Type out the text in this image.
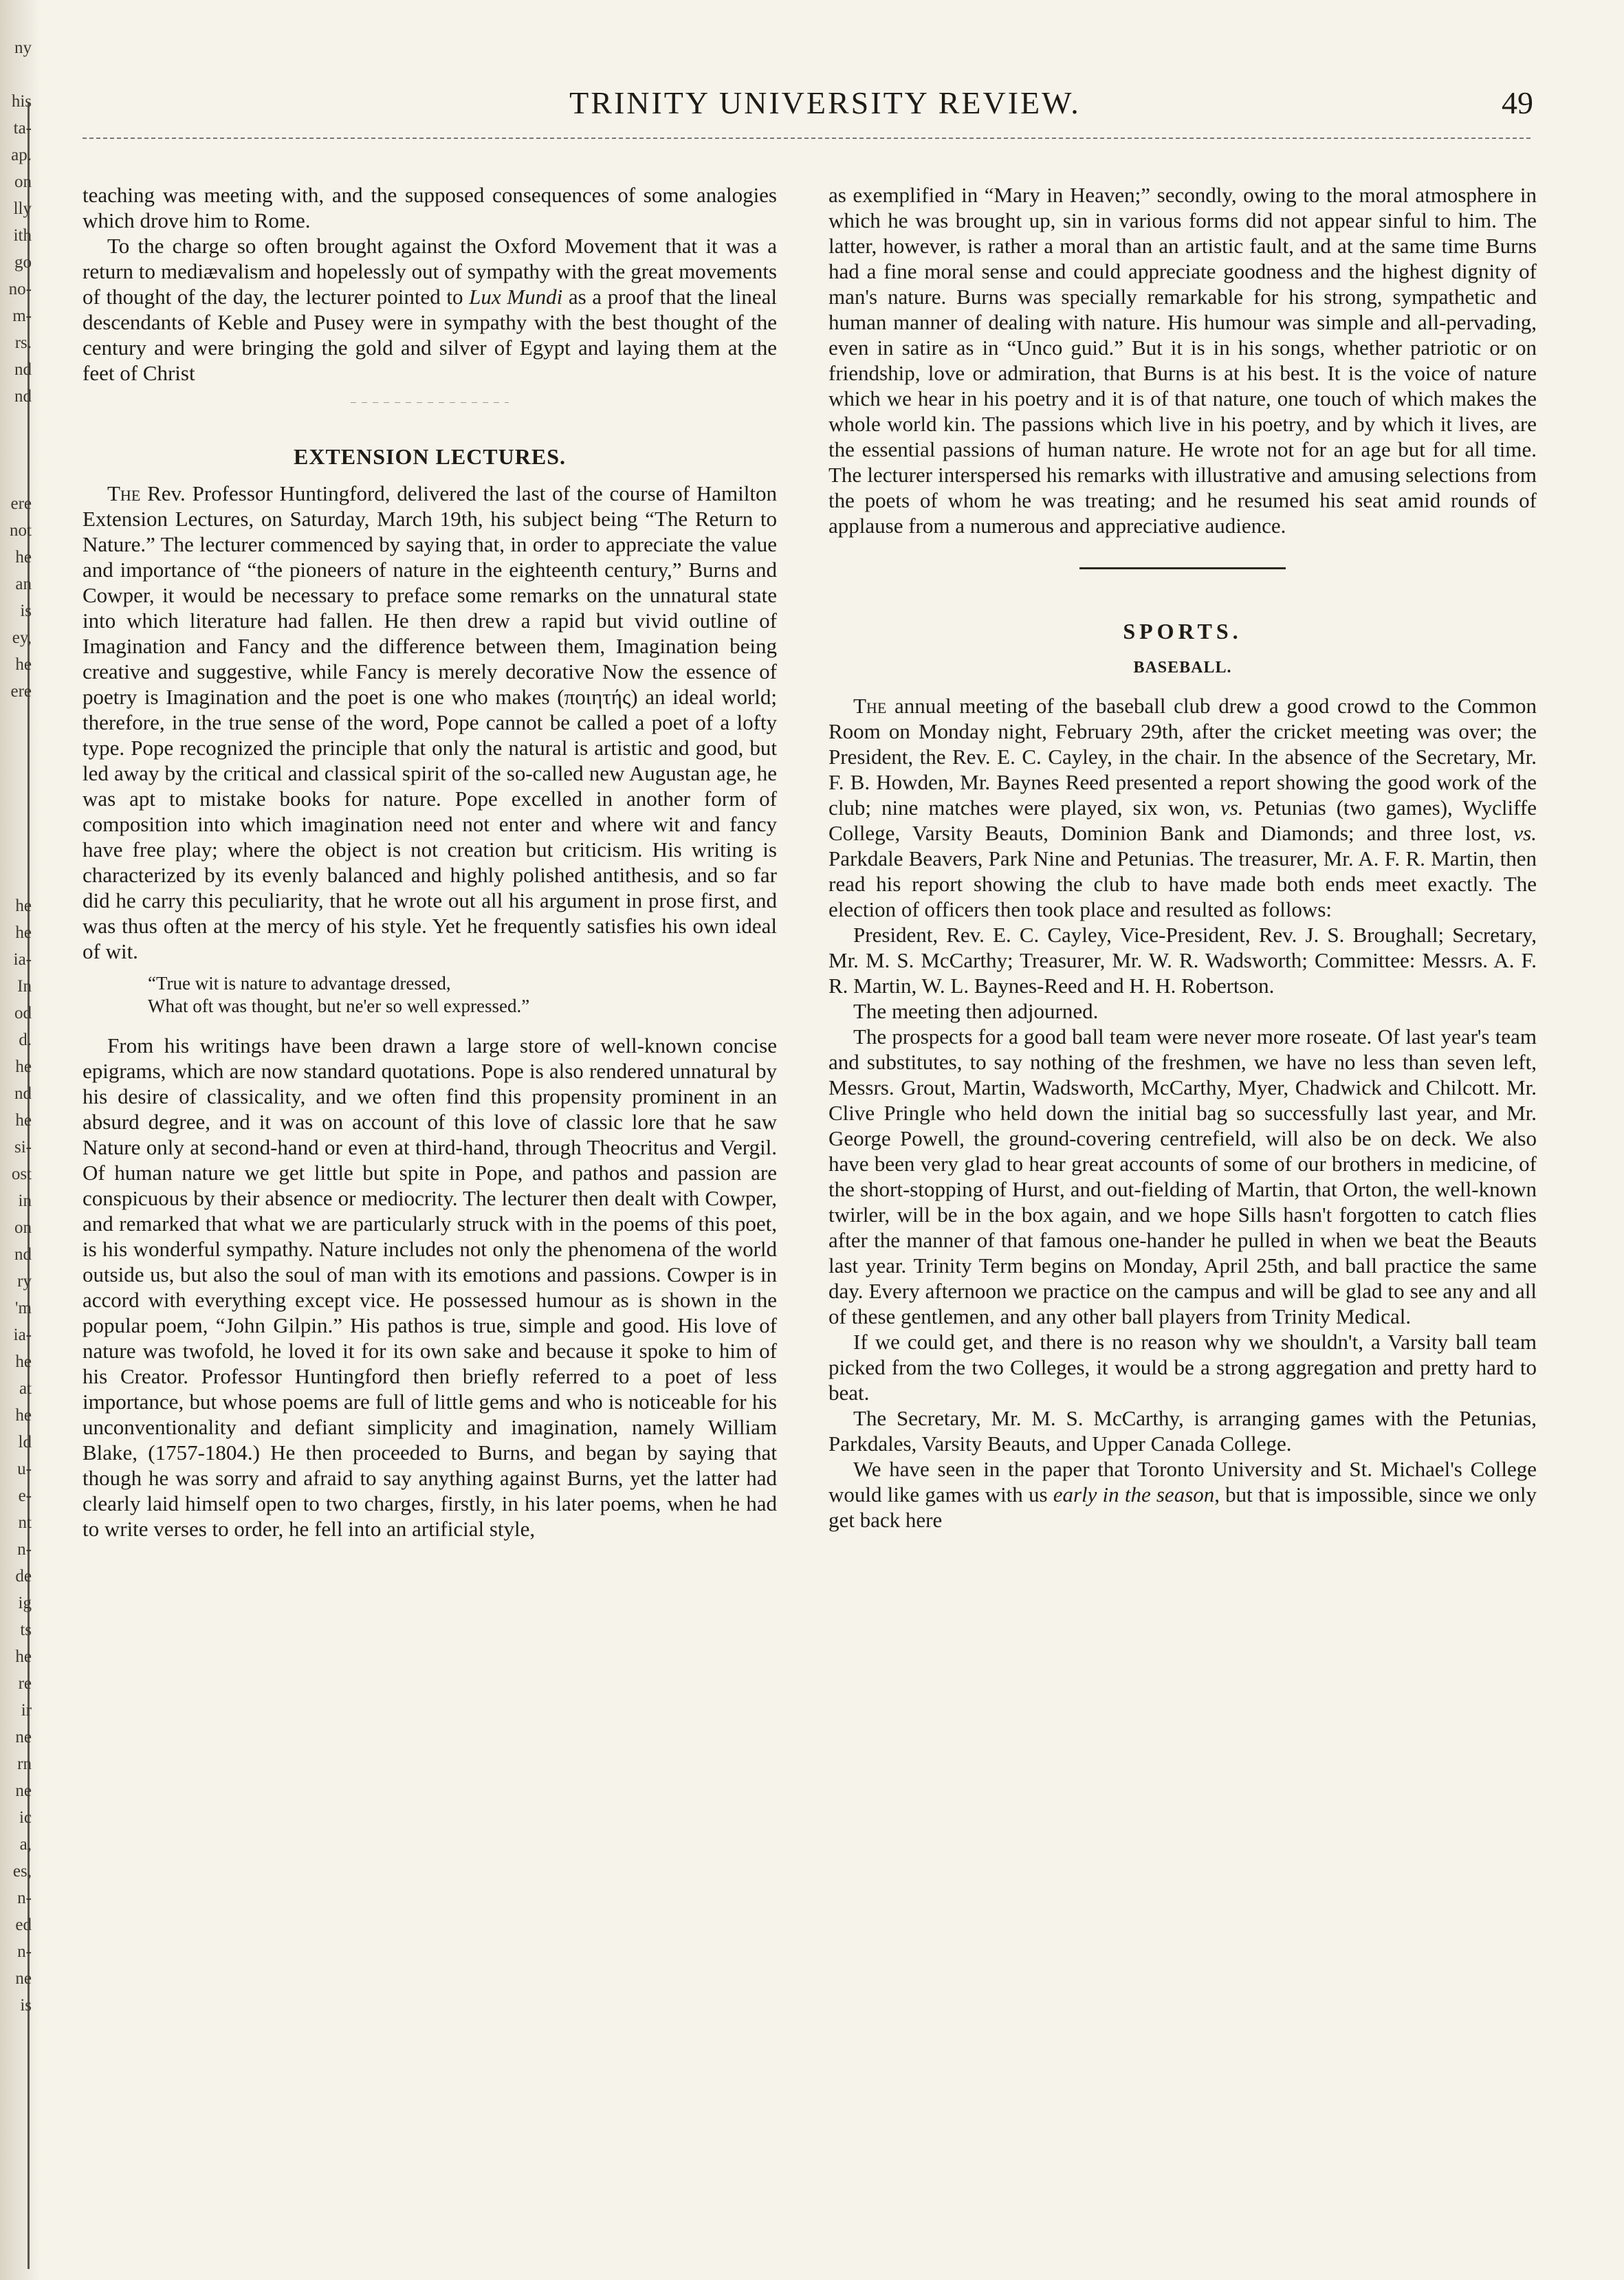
ny
his
ta-
ap.
on
lly
ith
go
no-
m-
rs.
nd
nd
ere
not
he
an
is
ey,
he
ere
he
he
ia-
In
od
d.
he
nd
he
si-
ost
in
on
nd
ry
'm
ia-
he
at
he
ld
u-
e-
nt
n-
de
ig
ts
he
re
ir
ne
rn
ne
ic
a,
es,
n-
ed
n-
ne
is
TRINITY UNIVERSITY REVIEW.	49

teaching was meeting with, and the supposed consequences of some analogies which drove him to Rome.

To the charge so often brought against the Oxford Movement that it was a return to mediævalism and hopelessly out of sympathy with the great movements of thought of the day, the lecturer pointed to Lux Mundi as a proof that the lineal descendants of Keble and Pusey were in sympathy with the best thought of the century and were bringing the gold and silver of Egypt and laying them at the feet of Christ

EXTENSION LECTURES.

The Rev. Professor Huntingford, delivered the last of the course of Hamilton Extension Lectures, on Saturday, March 19th, his subject being “The Return to Nature.” The lecturer commenced by saying that, in order to appreciate the value and importance of “the pioneers of nature in the eighteenth century,” Burns and Cowper, it would be necessary to preface some remarks on the unnatural state into which literature had fallen. He then drew a rapid but vivid outline of Imagination and Fancy and the difference between them, Imagination being creative and suggestive, while Fancy is merely decorative Now the essence of poetry is Imagination and the poet is one who makes (ποιητής) an ideal world; therefore, in the true sense of the word, Pope cannot be called a poet of a lofty type. Pope recognized the principle that only the natural is artistic and good, but led away by the critical and classical spirit of the so-called new Augustan age, he was apt to mistake books for nature. Pope excelled in another form of composition into which imagination need not enter and where wit and fancy have free play; where the object is not creation but criticism. His writing is characterized by its evenly balanced and highly polished antithesis, and so far did he carry this peculiarity, that he wrote out all his argument in prose first, and was thus often at the mercy of his style. Yet he frequently satisfies his own ideal of wit.

“True wit is nature to advantage dressed,
What oft was thought, but ne'er so well expressed.”

From his writings have been drawn a large store of well-known concise epigrams, which are now standard quotations. Pope is also rendered unnatural by his desire of classicality, and we often find this propensity prominent in an absurd degree, and it was on account of this love of classic lore that he saw Nature only at second-hand or even at third-hand, through Theocritus and Vergil. Of human nature we get little but spite in Pope, and pathos and passion are conspicuous by their absence or mediocrity. The lecturer then dealt with Cowper, and remarked that what we are particularly struck with in the poems of this poet, is his wonderful sympathy. Nature includes not only the phenomena of the world outside us, but also the soul of man with its emotions and passions. Cowper is in accord with everything except vice. He possessed humour as is shown in the popular poem, “John Gilpin.” His pathos is true, simple and good. His love of nature was twofold, he loved it for its own sake and because it spoke to him of his Creator. Professor Huntingford then briefly referred to a poet of less importance, but whose poems are full of little gems and who is noticeable for his unconventionality and defiant simplicity and imagination, namely William Blake, (1757-1804.) He then proceeded to Burns, and began by saying that though he was sorry and afraid to say anything against Burns, yet the latter had clearly laid himself open to two charges, firstly, in his later poems, when he had to write verses to order, he fell into an artificial style,

as exemplified in “Mary in Heaven;” secondly, owing to the moral atmosphere in which he was brought up, sin in various forms did not appear sinful to him. The latter, however, is rather a moral than an artistic fault, and at the same time Burns had a fine moral sense and could appreciate goodness and the highest dignity of man's nature. Burns was specially remarkable for his strong, sympathetic and human manner of dealing with nature. His humour was simple and all-pervading, even in satire as in “Unco guid.” But it is in his songs, whether patriotic or on friendship, love or admiration, that Burns is at his best. It is the voice of nature which we hear in his poetry and it is of that nature, one touch of which makes the whole world kin. The passions which live in his poetry, and by which it lives, are the essential passions of human nature. He wrote not for an age but for all time. The lecturer interspersed his remarks with illustrative and amusing selections from the poets of whom he was treating; and he resumed his seat amid rounds of applause from a numerous and appreciative audience.

SPORTS.
BASEBALL.

The annual meeting of the baseball club drew a good crowd to the Common Room on Monday night, February 29th, after the cricket meeting was over; the President, the Rev. E. C. Cayley, in the chair. In the absence of the Secretary, Mr. F. B. Howden, Mr. Baynes Reed presented a report showing the good work of the club; nine matches were played, six won, vs. Petunias (two games), Wycliffe College, Varsity Beauts, Dominion Bank and Diamonds; and three lost, vs. Parkdale Beavers, Park Nine and Petunias. The treasurer, Mr. A. F. R. Martin, then read his report showing the club to have made both ends meet exactly. The election of officers then took place and resulted as follows:

President, Rev. E. C. Cayley, Vice-President, Rev. J. S. Broughall; Secretary, Mr. M. S. McCarthy; Treasurer, Mr. W. R. Wadsworth; Committee: Messrs. A. F. R. Martin, W. L. Baynes-Reed and H. H. Robertson.

The meeting then adjourned.

The prospects for a good ball team were never more roseate. Of last year's team and substitutes, to say nothing of the freshmen, we have no less than seven left, Messrs. Grout, Martin, Wadsworth, McCarthy, Myer, Chadwick and Chilcott. Mr. Clive Pringle who held down the initial bag so successfully last year, and Mr. George Powell, the ground-covering centrefield, will also be on deck. We also have been very glad to hear great accounts of some of our brothers in medicine, of the short-stopping of Hurst, and out-fielding of Martin, that Orton, the well-known twirler, will be in the box again, and we hope Sills hasn't forgotten to catch flies after the manner of that famous one-hander he pulled in when we beat the Beauts last year. Trinity Term begins on Monday, April 25th, and ball practice the same day. Every afternoon we practice on the campus and will be glad to see any and all of these gentlemen, and any other ball players from Trinity Medical.

If we could get, and there is no reason why we shouldn't, a Varsity ball team picked from the two Colleges, it would be a strong aggregation and pretty hard to beat.

The Secretary, Mr. M. S. McCarthy, is arranging games with the Petunias, Parkdales, Varsity Beauts, and Upper Canada College.

We have seen in the paper that Toronto University and St. Michael's College would like games with us early in the season, but that is impossible, since we only get back here
